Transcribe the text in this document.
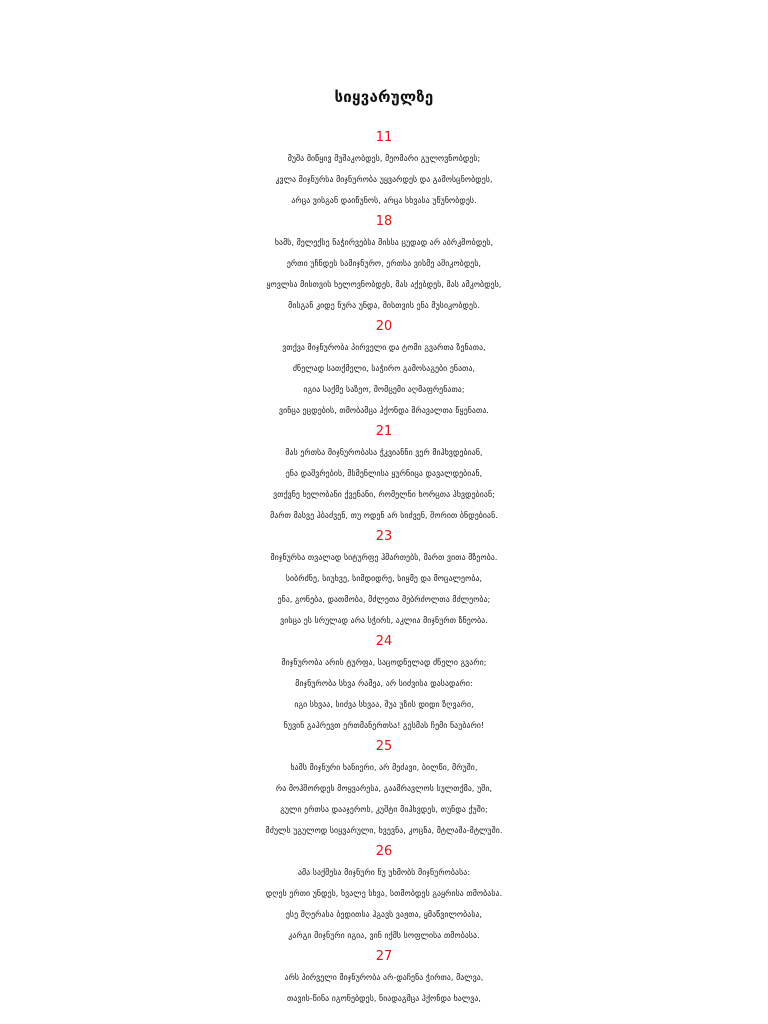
სიყვარულზე
11
მუშა მიწყივ მუშაკობდეს, მეომარი გულოვნობდეს;
კვლა მიჯნურსა მიჯნურობა უყვარდეს და გამოსცნობდეს,
არცა ვისგან დაიწუნოს, არცა სხვასა უწუნობდეს.
18
ხამს, მელექსე ნაჭირვებსა მისსა ცუდად არ აბრკმობდეს,
ერთი უჩნდეს სამიჯნურო, ერთსა ვისმე აშიკობდეს,
ყოვლსა მისთვის ხელოვნობდეს, მას აქებდეს, მას ამკობდეს,
მისგან კიდე ნურა უნდა, მისთვის ენა მუსიკობდეს.
20
ვთქვა მიჯნურობა პირველი და ტომი გვართა ზენათა,
ძნელად სათქმელი, საჭირო გამოსაგები ენათა,
იგია საქმე საზეო, მომცემი აღმაფრენათა;
ვინცა ეცდების, თმობამცა ჰქონდა მრავალთა წყენათა.
21
მას ერთსა მიჯნურობასა ჭკვიანნი ვერ მიჰხვდებიან,
ენა დაშვრების, მსმენლისა ყურნიცა დავალდებიან,
ვთქვნე ხელობანი ქვენანი, რომელნი ხორცთა ჰხვდებიან;
მართ მასვე ჰბაძვენ, თუ ოდენ არ სიძვენ, შორით ბნდებიან.
23
მიჯნურსა თვალად სიტურფე ჰმართებს, მართ ვითა მზეობა.
სიბრძნე, სიუხვე, სიმდიდრე, სიყმე და მოცალეობა,
ენა, გონება, დათმობა, მძლეთა მებრძოლთა მძლეობა;
ვისცა ეს სრულად არა სჭირს, აკლია მიჯნურთ ზნეობა.
24
მიჯნურობა არის ტურფა, საცოდნელად ძნელი გვარი;
მიჯნურობა სხვა რამეა, არ სიძვისა დასადარი:
იგი სხვაა, სიძვა სხვაა, შუა უზის დიდი ზღვარი,
ნუვინ გაჰრევთ ერთმანერთსა! გესმას ჩემი ნაუბარი!
25
ხამს მიჯნური ხანიერი, არ მეძავი, ბილწი, მრუში,
რა მოჰშორდეს მოყვარესა, გაამრავლოს სულთქმა, უში,
გული ერთსა დააჯეროს, კუშტი მიჰხვდეს, თუნდა ქუში;
მძულს უგულოდ სიყვარული, ხვევნა, კოცნა, მტლაშა-მტლუში.
26
ამა საქმესა მიჯნური ნუ უხმობს მიჯნურობასა:
დღეს ერთი უნდეს, ხვალე სხვა, სთმობდეს გაყრისა თმობასა.
ესე მღერასა ბედითსა ჰგავს ვაჟთა, ყმაწვილობასა,
კარგი მიჯნური იგია, ვინ იქმს სოფლისა თმობასა.
27
არს პირველი მიჯნურობა არ-დაჩენა ჭირთა, მალვა,
თავის-წინა იგონებდეს, ნიადაგმცა ჰქონდა ხალვა,
